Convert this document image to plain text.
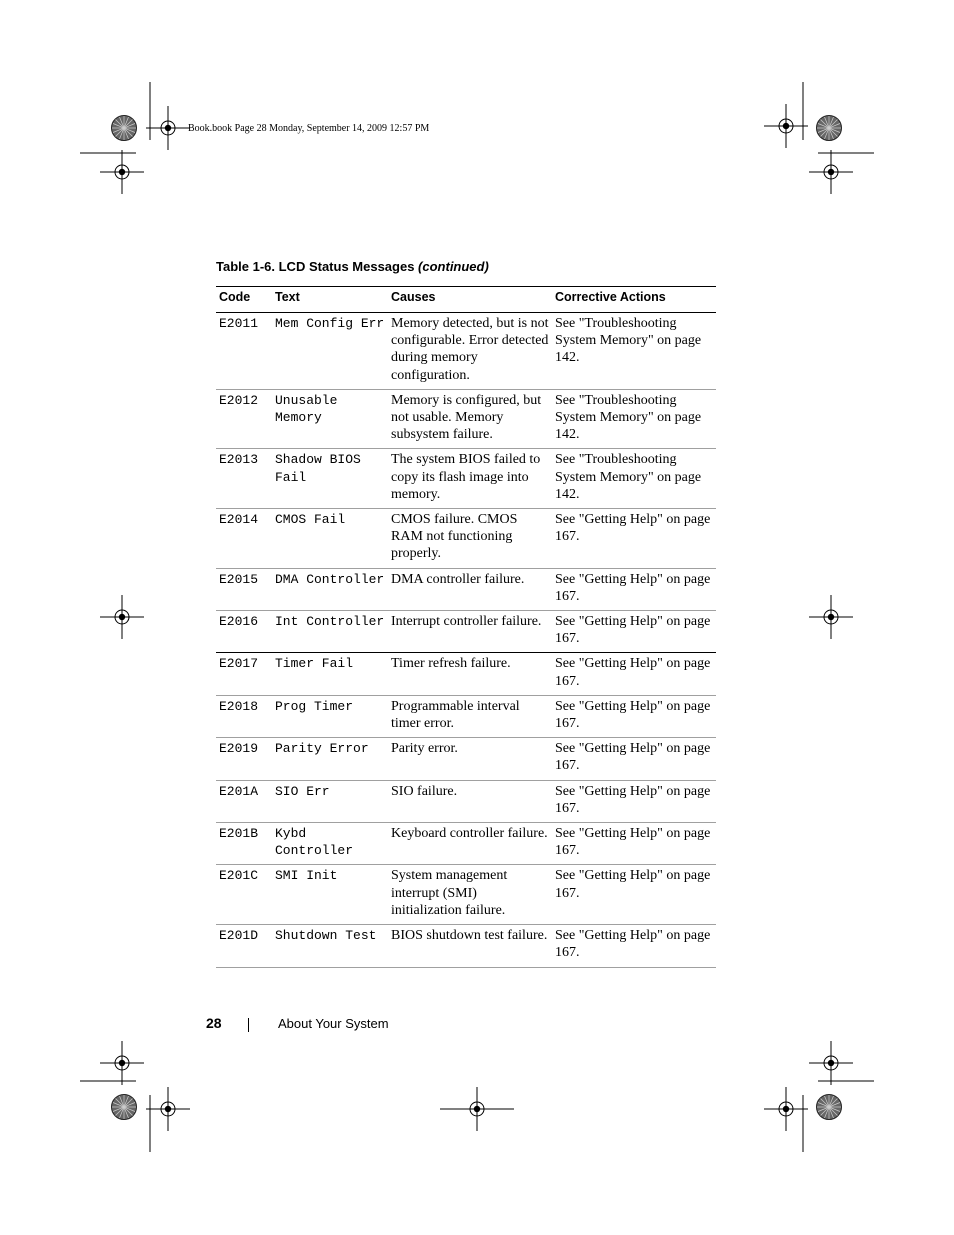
Book.book Page 28 Monday, September 14, 2009 12:57 PM
Table 1-6. LCD Status Messages (continued)
Code	Text	Causes	Corrective Actions
E2011	Mem Config Err	Memory detected, but is not configurable. Error detected during memory configuration.	See "Troubleshooting System Memory" on page 142.
E2012	Unusable Memory	Memory is configured, but not usable. Memory subsystem failure.	See "Troubleshooting System Memory" on page 142.
E2013	Shadow BIOS Fail	The system BIOS failed to copy its flash image into memory.	See "Troubleshooting System Memory" on page 142.
E2014	CMOS Fail	CMOS failure. CMOS RAM not functioning properly.	See "Getting Help" on page 167.
E2015	DMA Controller	DMA controller failure.	See "Getting Help" on page 167.
E2016	Int Controller	Interrupt controller failure.	See "Getting Help" on page 167.
E2017	Timer Fail	Timer refresh failure.	See "Getting Help" on page 167.
E2018	Prog Timer	Programmable interval timer error.	See "Getting Help" on page 167.
E2019	Parity Error	Parity error.	See "Getting Help" on page 167.
E201A	SIO Err	SIO failure.	See "Getting Help" on page 167.
E201B	Kybd Controller	Keyboard controller failure.	See "Getting Help" on page 167.
E201C	SMI Init	System management interrupt (SMI) initialization failure.	See "Getting Help" on page 167.
E201D	Shutdown Test	BIOS shutdown test failure.	See "Getting Help" on page 167.
28	About Your System
